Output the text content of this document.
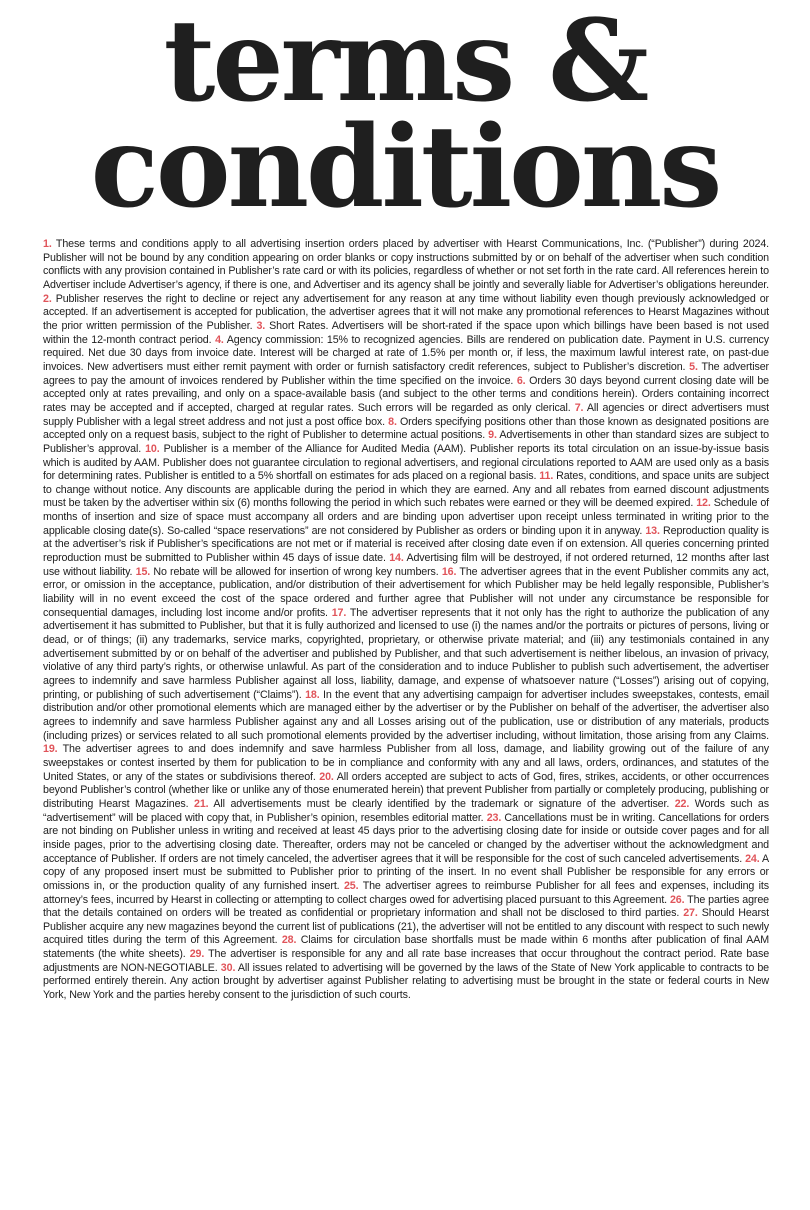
terms &
conditions

1. These terms and conditions apply to all advertising insertion orders placed by advertiser with Hearst Communications, Inc. (“Publisher”) during 2024. Publisher will not be bound by any condition appearing on order blanks or copy instructions submitted by or on behalf of the advertiser when such condition conflicts with any provision contained in Publisher’s rate card or with its policies, regardless of whether or not set forth in the rate card. All references herein to Advertiser include Advertiser’s agency, if there is one, and Advertiser and its agency shall be jointly and severally liable for Advertiser’s obligations hereunder. 2. Publisher reserves the right to decline or reject any advertisement for any reason at any time without liability even though previously acknowledged or accepted. If an advertisement is accepted for publication, the advertiser agrees that it will not make any promotional references to Hearst Magazines without the prior written permission of the Publisher. 3. Short Rates. Advertisers will be short-rated if the space upon which billings have been based is not used within the 12-month contract period. 4. Agency commission: 15% to recognized agencies. Bills are rendered on publication date. Payment in U.S. currency required. Net due 30 days from invoice date. Interest will be charged at rate of 1.5% per month or, if less, the maximum lawful interest rate, on past-due invoices. New advertisers must either remit payment with order or furnish satisfactory credit references, subject to Publisher’s discretion. 5. The advertiser agrees to pay the amount of invoices rendered by Publisher within the time specified on the invoice. 6. Orders 30 days beyond current closing date will be accepted only at rates prevailing, and only on a space-available basis (and subject to the other terms and conditions herein). Orders containing incorrect rates may be accepted and if accepted, charged at regular rates. Such errors will be regarded as only clerical. 7. All agencies or direct advertisers must supply Publisher with a legal street address and not just a post office box. 8. Orders specifying positions other than those known as designated positions are accepted only on a request basis, subject to the right of Publisher to determine actual positions. 9. Advertisements in other than standard sizes are subject to Publisher’s approval. 10. Publisher is a member of the Alliance for Audited Media (AAM). Publisher reports its total circulation on an issue-by-issue basis which is audited by AAM. Publisher does not guarantee circulation to regional advertisers, and regional circulations reported to AAM are used only as a basis for determining rates. Publisher is entitled to a 5% shortfall on estimates for ads placed on a regional basis. 11. Rates, conditions, and space units are subject to change without notice. Any discounts are applicable during the period in which they are earned. Any and all rebates from earned discount adjustments must be taken by the advertiser within six (6) months following the period in which such rebates were earned or they will be deemed expired. 12. Schedule of months of insertion and size of space must accompany all orders and are binding upon advertiser upon receipt unless terminated in writing prior to the applicable closing date(s). So-called “space reservations” are not considered by Publisher as orders or binding upon it in anyway. 13. Reproduction quality is at the advertiser’s risk if Publisher’s specifications are not met or if material is received after closing date even if on extension. All queries concerning printed reproduction must be submitted to Publisher within 45 days of issue date. 14. Advertising film will be destroyed, if not ordered returned, 12 months after last use without liability. 15. No rebate will be allowed for insertion of wrong key numbers. 16. The advertiser agrees that in the event Publisher commits any act, error, or omission in the acceptance, publication, and/or distribution of their advertisement for which Publisher may be held legally responsible, Publisher’s liability will in no event exceed the cost of the space ordered and further agree that Publisher will not under any circumstance be responsible for consequential damages, including lost income and/or profits. 17. The advertiser represents that it not only has the right to authorize the publication of any advertisement it has submitted to Publisher, but that it is fully authorized and licensed to use (i) the names and/or the portraits or pictures of persons, living or dead, or of things; (ii) any trademarks, service marks, copyrighted, proprietary, or otherwise private material; and (iii) any testimonials contained in any advertisement submitted by or on behalf of the advertiser and published by Publisher, and that such advertisement is neither libelous, an invasion of privacy, violative of any third party’s rights, or otherwise unlawful. As part of the consideration and to induce Publisher to publish such advertisement, the advertiser agrees to indemnify and save harmless Publisher against all loss, liability, damage, and expense of whatsoever nature (“Losses”) arising out of copying, printing, or publishing of such advertisement (“Claims”). 18. In the event that any advertising campaign for advertiser includes sweepstakes, contests, email distribution and/or other promotional elements which are managed either by the advertiser or by the Publisher on behalf of the advertiser, the advertiser also agrees to indemnify and save harmless Publisher against any and all Losses arising out of the publication, use or distribution of any materials, products (including prizes) or services related to all such promotional elements provided by the advertiser including, without limitation, those arising from any Claims. 19. The advertiser agrees to and does indemnify and save harmless Publisher from all loss, damage, and liability growing out of the failure of any sweepstakes or contest inserted by them for publication to be in compliance and conformity with any and all laws, orders, ordinances, and statutes of the United States, or any of the states or subdivisions thereof. 20. All orders accepted are subject to acts of God, fires, strikes, accidents, or other occurrences beyond Publisher’s control (whether like or unlike any of those enumerated herein) that prevent Publisher from partially or completely producing, publishing or distributing Hearst Magazines. 21. All advertisements must be clearly identified by the trademark or signature of the advertiser. 22. Words such as “advertisement” will be placed with copy that, in Publisher’s opinion, resembles editorial matter. 23. Cancellations must be in writing. Cancellations for orders are not binding on Publisher unless in writing and received at least 45 days prior to the advertising closing date for inside or outside cover pages and for all inside pages, prior to the advertising closing date. Thereafter, orders may not be canceled or changed by the advertiser without the acknowledgment and acceptance of Publisher. If orders are not timely canceled, the advertiser agrees that it will be responsible for the cost of such canceled advertisements. 24. A copy of any proposed insert must be submitted to Publisher prior to printing of the insert. In no event shall Publisher be responsible for any errors or omissions in, or the production quality of any furnished insert. 25. The advertiser agrees to reimburse Publisher for all fees and expenses, including its attorney’s fees, incurred by Hearst in collecting or attempting to collect charges owed for advertising placed pursuant to this Agreement. 26. The parties agree that the details contained on orders will be treated as confidential or proprietary information and shall not be disclosed to third parties. 27. Should Hearst Publisher acquire any new magazines beyond the current list of publications (21), the advertiser will not be entitled to any discount with respect to such newly acquired titles during the term of this Agreement. 28. Claims for circulation base shortfalls must be made within 6 months after publication of final AAM statements (the white sheets). 29. The advertiser is responsible for any and all rate base increases that occur throughout the contract period. Rate base adjustments are NON-NEGOTIABLE. 30. All issues related to advertising will be governed by the laws of the State of New York applicable to contracts to be performed entirely therein. Any action brought by advertiser against Publisher relating to advertising must be brought in the state or federal courts in New York, New York and the parties hereby consent to the jurisdiction of such courts.
